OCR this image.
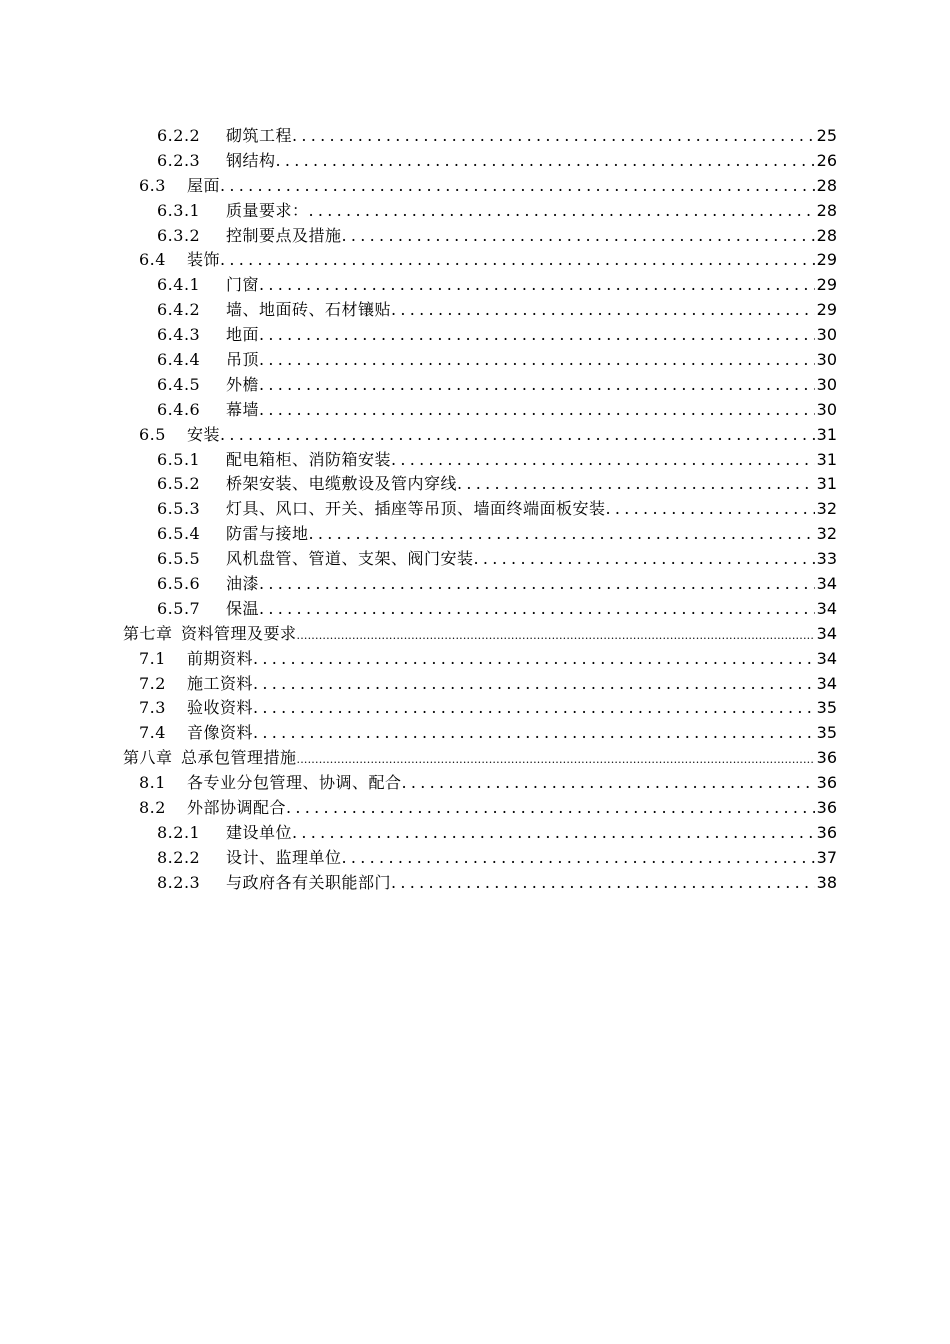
6.2.2	砌筑工程 .....	25
6.2.3	钢结构 .....	26
6.3	屋面 .....	28
6.3.1	质量要求： .....	28
6.3.2	控制要点及措施 .....	28
6.4	装饰 .....	29
6.4.1	门窗 .....	29
6.4.2	墙、地面砖、石材镶贴 .....	29
6.4.3	地面 .....	30
6.4.4	吊顶 .....	30
6.4.5	外檐 .....	30
6.4.6	幕墙 .....	30
6.5	安装 .....	31
6.5.1	配电箱柜、消防箱安装 .....	31
6.5.2	桥架安装、电缆敷设及管内穿线 .....	31
6.5.3	灯具、风口、开关、插座等吊顶、墙面终端面板安装 .....	32
6.5.4	防雷与接地 .....	32
6.5.5	风机盘管、管道、支架、阀门安装 .....	33
6.5.6	油漆 .....	34
6.5.7	保温 .....	34
第七章 资料管理及要求 .....	34
7.1	前期资料 .....	34
7.2	施工资料 .....	34
7.3	验收资料 .....	35
7.4	音像资料 .....	35
第八章 总承包管理措施 .....	36
8.1	各专业分包管理、协调、配合 .....	36
8.2	外部协调配合 .....	36
8.2.1	建设单位 .....	36
8.2.2	设计、监理单位 .....	37
8.2.3	与政府各有关职能部门 .....	38
